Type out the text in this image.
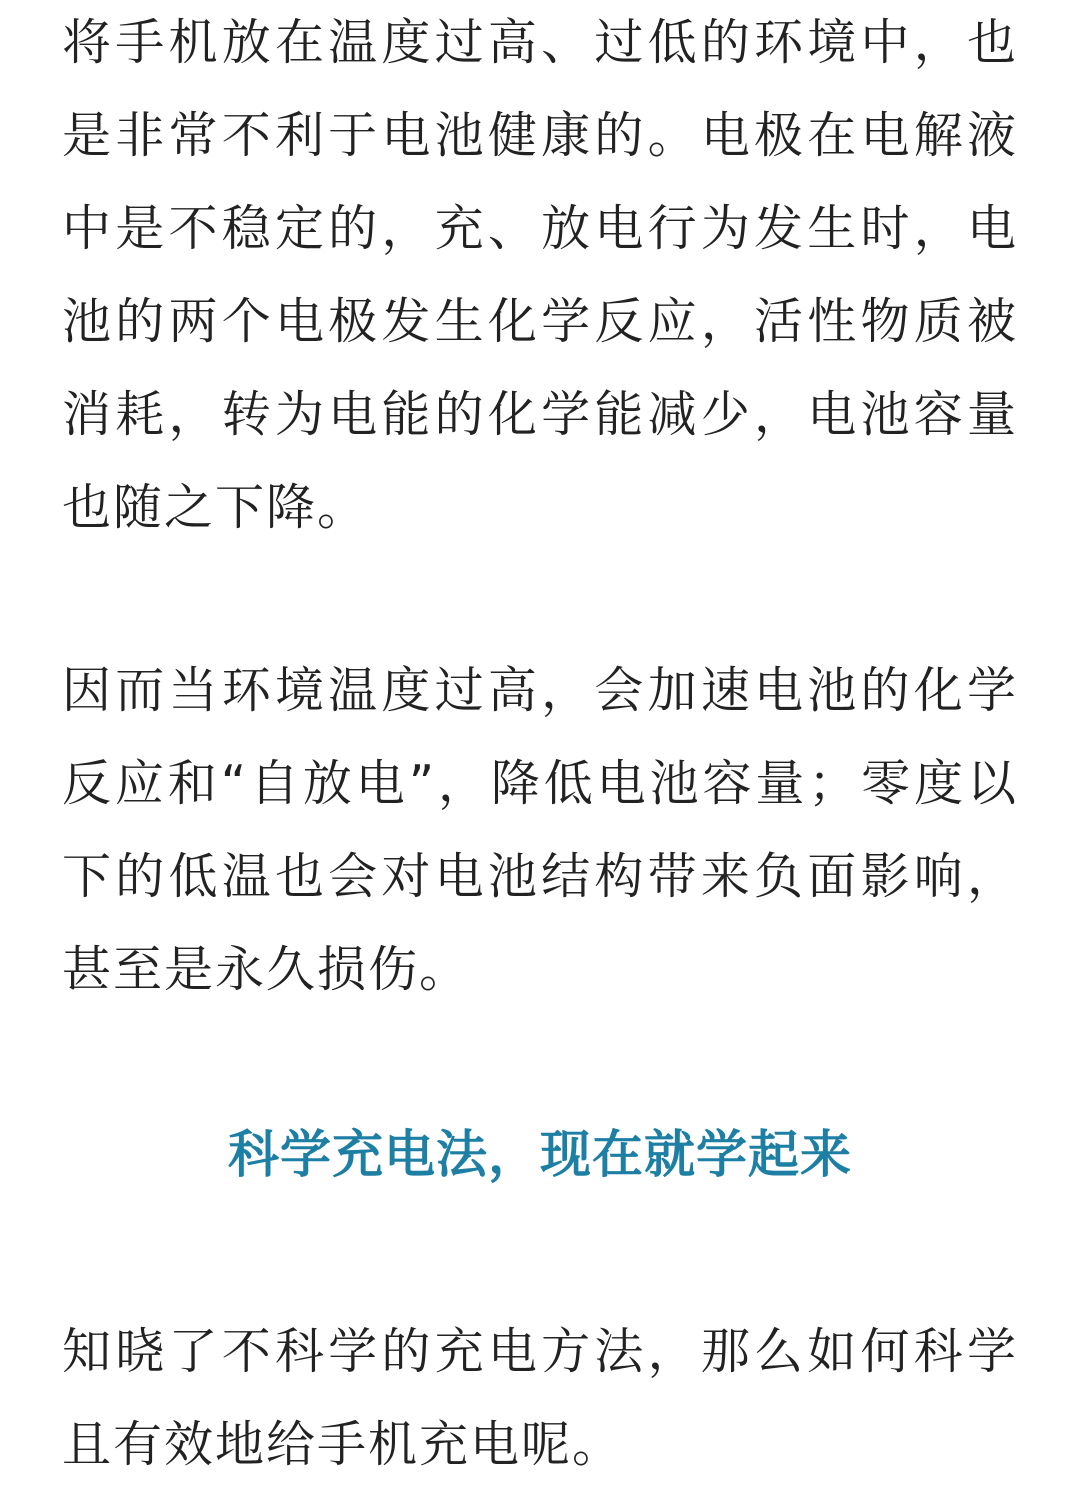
将手机放在温度过高、过低的环境中，也是非常不利于电池健康的。电极在电解液中是不稳定的，充、放电行为发生时，电池的两个电极发生化学反应，活性物质被消耗，转为电能的化学能减少，电池容量也随之下降。

因而当环境温度过高，会加速电池的化学反应和“自放电”，降低电池容量；零度以下的低温也会对电池结构带来负面影响，甚至是永久损伤。

科学充电法，现在就学起来

知晓了不科学的充电方法，那么如何科学且有效地给手机充电呢。
